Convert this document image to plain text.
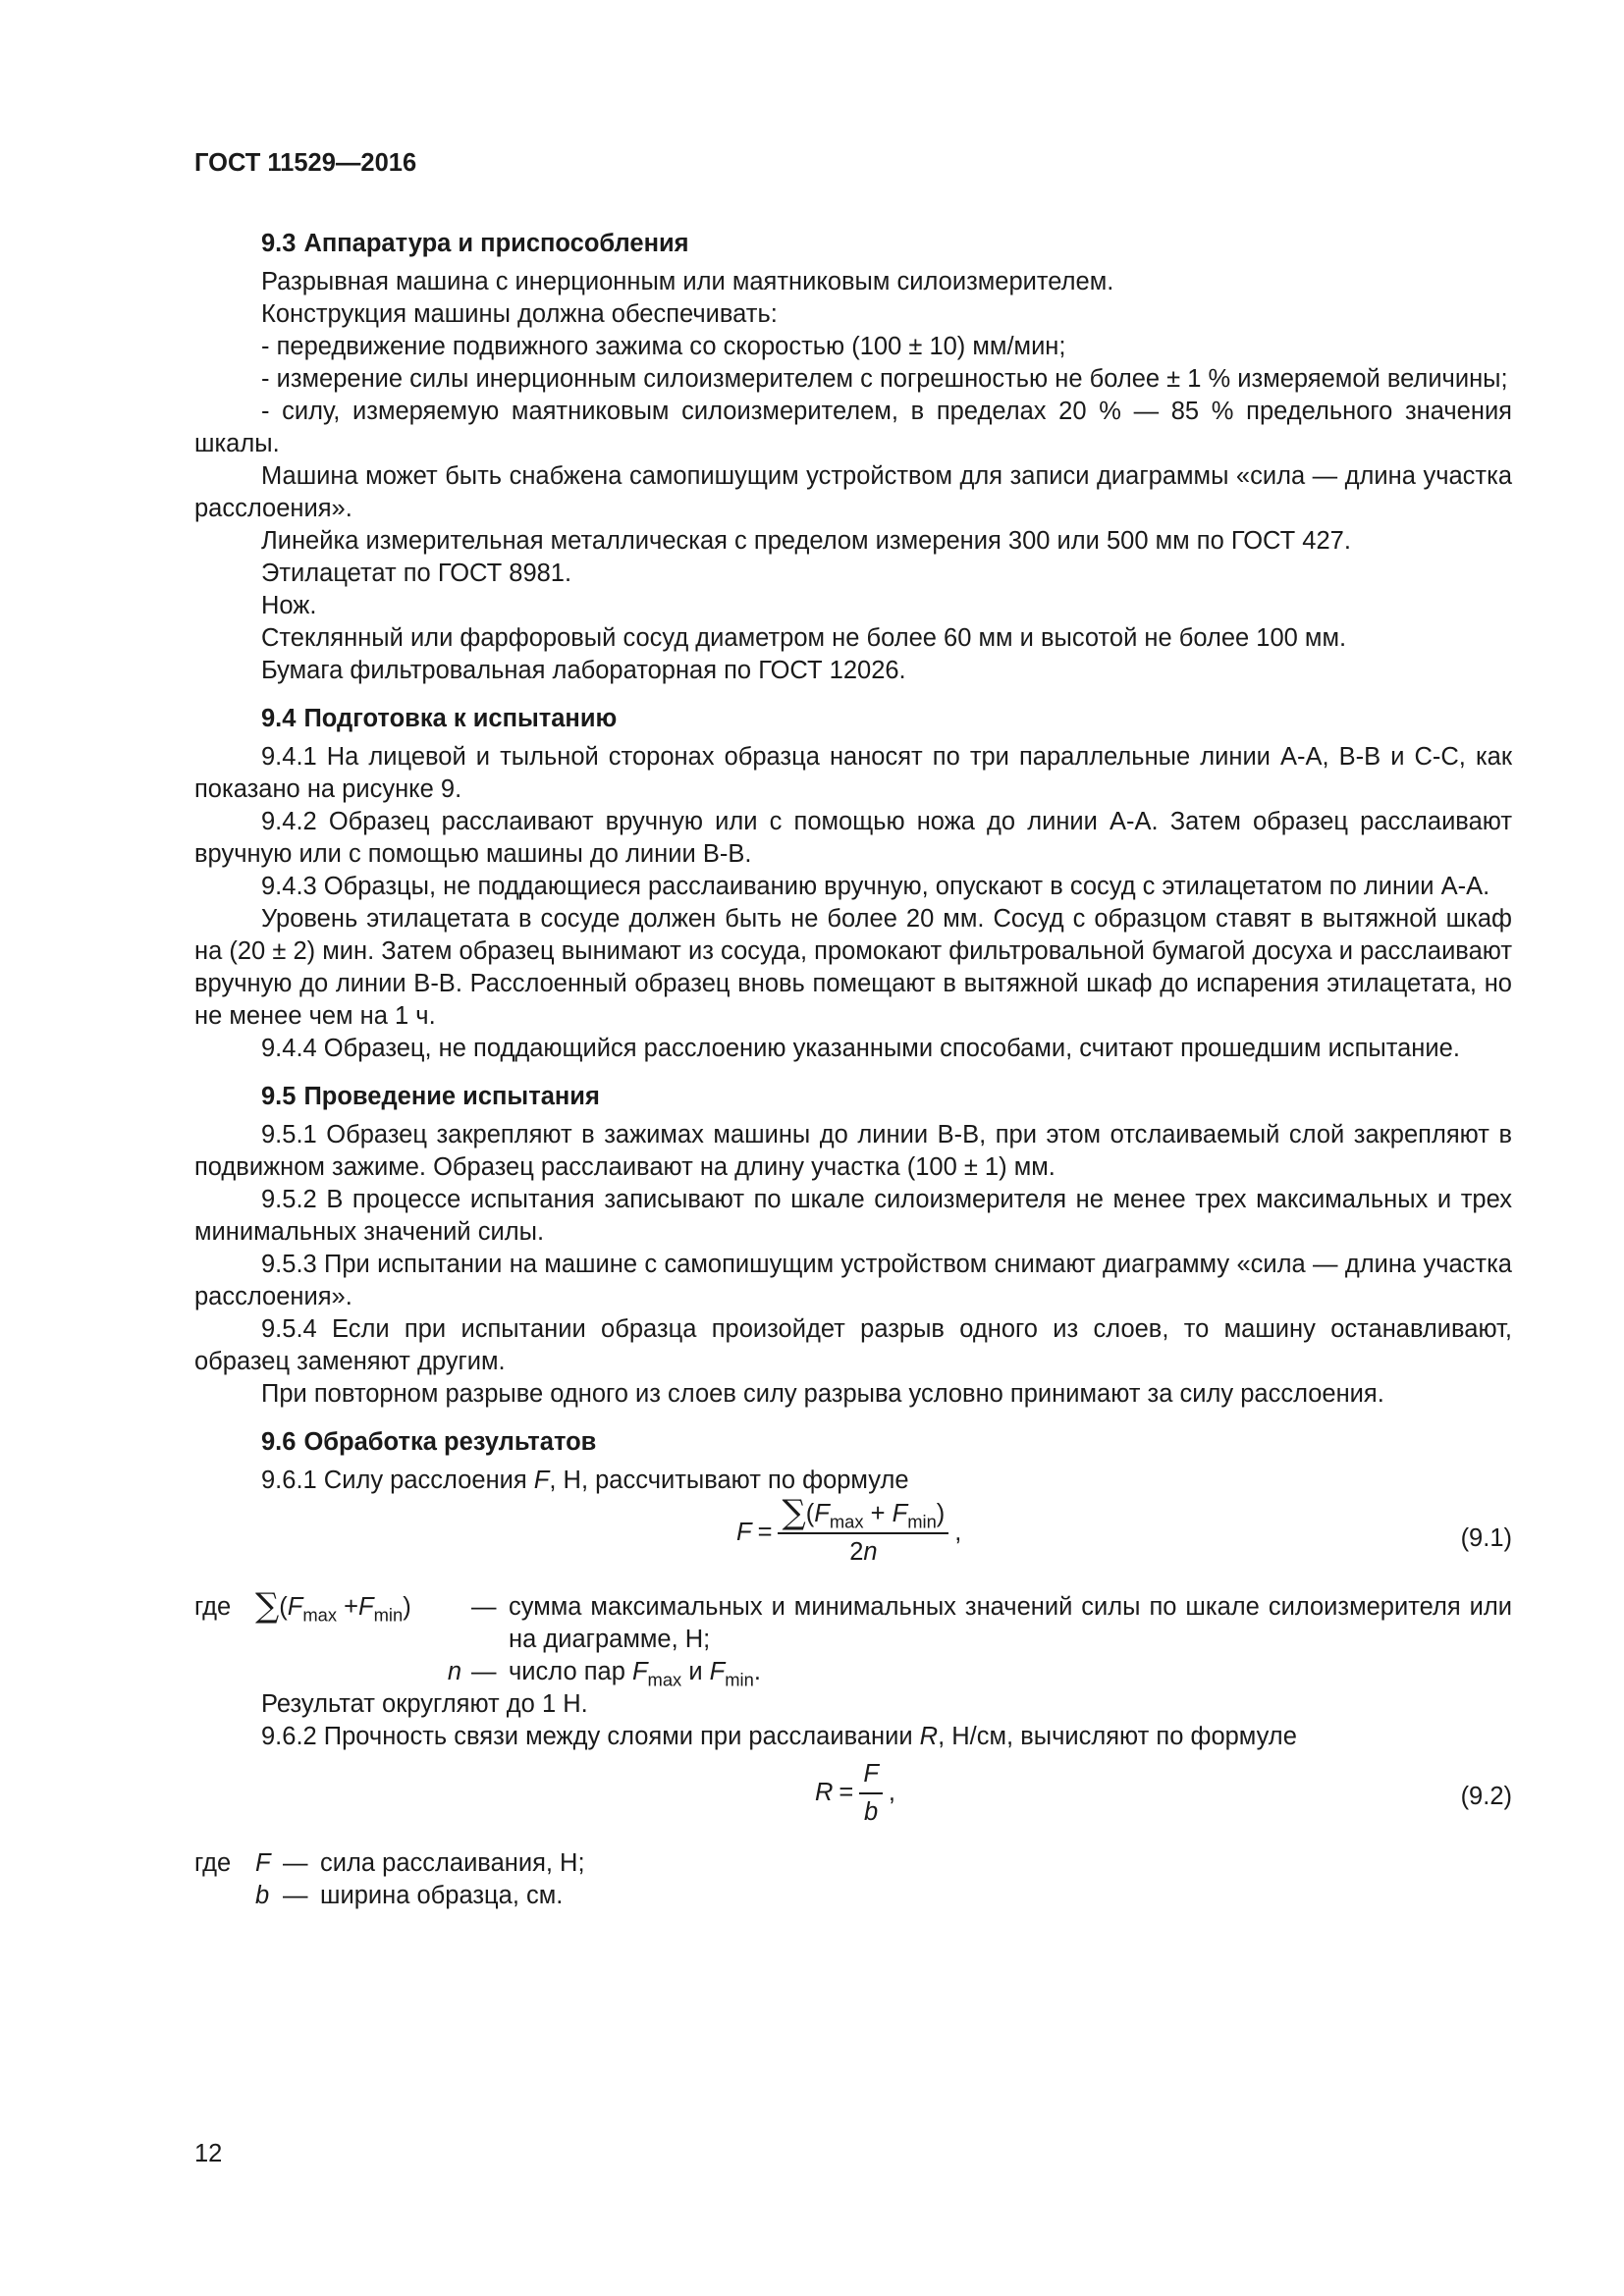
ГОСТ 11529—2016
9.3 Аппаратура и приспособления

Разрывная машина с инерционным или маятниковым силоизмерителем.

Конструкция машины должна обеспечивать:

- передвижение подвижного зажима со скоростью (100 ± 10) мм/мин;

- измерение силы инерционным силоизмерителем с погрешностью не более ± 1 % измеряемой величины;

- силу, измеряемую маятниковым силоизмерителем, в пределах 20 % — 85 % предельного значения шкалы.

Машина может быть снабжена самопишущим устройством для записи диаграммы «сила — длина участка расслоения».

Линейка измерительная металлическая с пределом измерения 300 или 500 мм по ГОСТ 427.

Этилацетат по ГОСТ 8981.

Нож.

Стеклянный или фарфоровый сосуд диаметром не более 60 мм и высотой не более 100 мм.

Бумага фильтровальная лабораторная по ГОСТ 12026.

9.4 Подготовка к испытанию

9.4.1 На лицевой и тыльной сторонах образца наносят по три параллельные линии А-А, В-В и С-С, как показано на рисунке 9.

9.4.2 Образец расслаивают вручную или с помощью ножа до линии А-А. Затем образец расслаивают вручную или с помощью машины до линии В-В.

9.4.3 Образцы, не поддающиеся расслаиванию вручную, опускают в сосуд с этилацетатом по линии А-А.

Уровень этилацетата в сосуде должен быть не более 20 мм. Сосуд с образцом ставят в вытяжной шкаф на (20 ± 2) мин. Затем образец вынимают из сосуда, промокают фильтровальной бумагой досуха и расслаивают вручную до линии В-В. Расслоенный образец вновь помещают в вытяжной шкаф до испарения этилацетата, но не менее чем на 1 ч.

9.4.4 Образец, не поддающийся расслоению указанными способами, считают прошедшим испытание.

9.5 Проведение испытания

9.5.1 Образец закрепляют в зажимах машины до линии В-В, при этом отслаиваемый слой закрепляют в подвижном зажиме. Образец расслаивают на длину участка (100 ± 1) мм.

9.5.2 В процессе испытания записывают по шкале силоизмерителя не менее трех максимальных и трех минимальных значений силы.

9.5.3 При испытании на машине с самопишущим устройством снимают диаграмму «сила — длина участка расслоения».

9.5.4 Если при испытании образца произойдет разрыв одного из слоев, то машину останавливают, образец заменяют другим.

При повторном разрыве одного из слоев силу разрыва условно принимают за силу расслоения.

9.6 Обработка результатов

9.6.1 Силу расслоения F, Н, рассчитывают по формуле

$F = \frac{\sum(F_{max} + F_{min})}{2n}$ ,	(9.1)
где $\sum(F_{max} +F_{min})$	— сумма максимальных и минимальных значений силы по шкале силоизмерителя или на диаграмме, Н;
n — число пар $F_{max}$ и $F_{min}$.

Результат округляют до 1 Н.

9.6.2 Прочность связи между слоями при расслаивании R, Н/см, вычисляют по формуле

$R = \frac{F}{b}$ ,	(9.2)
где F — сила расслаивания, Н;
b — ширина образца, см.
12
